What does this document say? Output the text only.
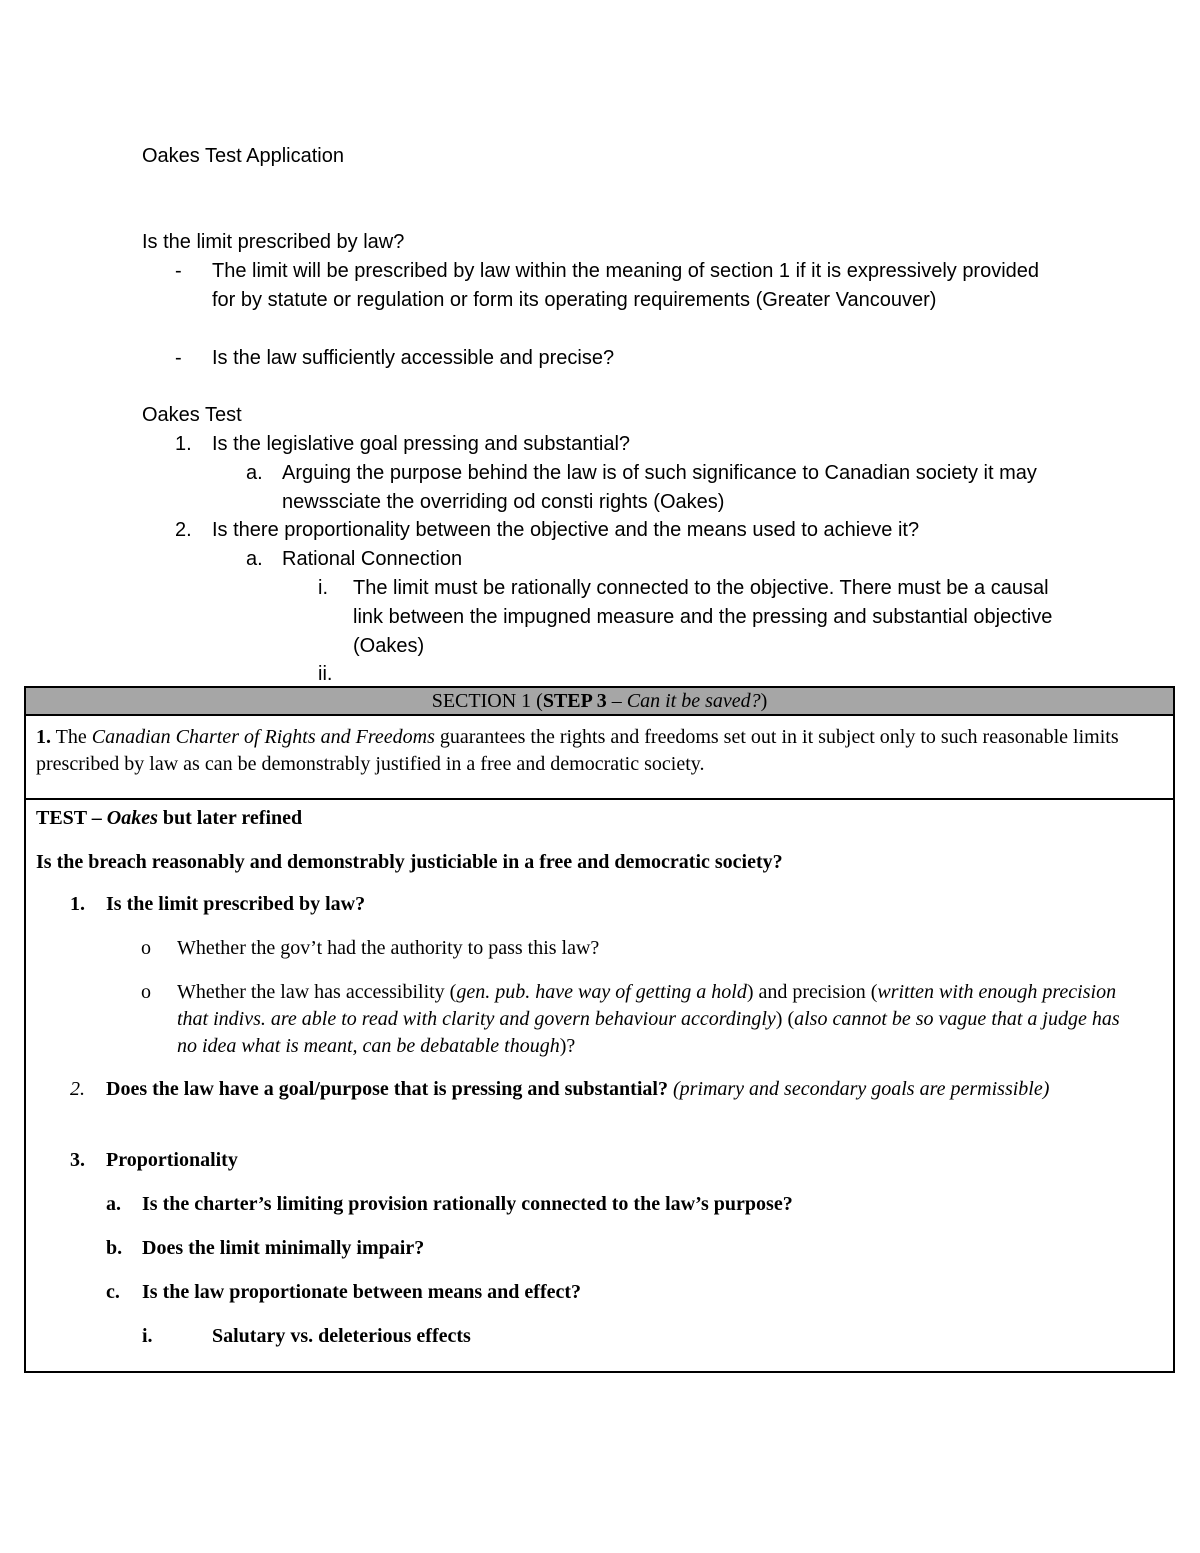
Oakes Test Application
Is the limit prescribed by law?
-	The limit will be prescribed by law within the meaning of section 1 if it is expressively provided for by statute or regulation or form its operating requirements (Greater Vancouver)
-	Is the law sufficiently accessible and precise?
Oakes Test
1.	Is the legislative goal pressing and substantial?
a. Arguing the purpose behind the law is of such significance to Canadian society it may newssciate the overriding od consti rights (Oakes)
2.	Is there proportionality between the objective and the means used to achieve it?
a. Rational Connection
i.	The limit must be rationally connected to the objective. There must be a causal link between the impugned measure and the pressing and substantial objective (Oakes)
ii.
SECTION 1 (STEP 3 – Can it be saved?)
1. The Canadian Charter of Rights and Freedoms guarantees the rights and freedoms set out in it subject only to such reasonable limits prescribed by law as can be demonstrably justified in a free and democratic society.
TEST – Oakes but later refined
Is the breach reasonably and demonstrably justiciable in a free and democratic society?
1.	Is the limit prescribed by law?
o	Whether the gov’t had the authority to pass this law?
o	Whether the law has accessibility (gen. pub. have way of getting a hold) and precision (written with enough precision that indivs. are able to read with clarity and govern behaviour accordingly) (also cannot be so vague that a judge has no idea what is meant, can be debatable though)?
2.	Does the law have a goal/purpose that is pressing and substantial? (primary and secondary goals are permissible)
3.	Proportionality
a.	Is the charter’s limiting provision rationally connected to the law’s purpose?
b. Does the limit minimally impair?
c.	Is the law proportionate between means and effect?
i.	Salutary vs. deleterious effects
